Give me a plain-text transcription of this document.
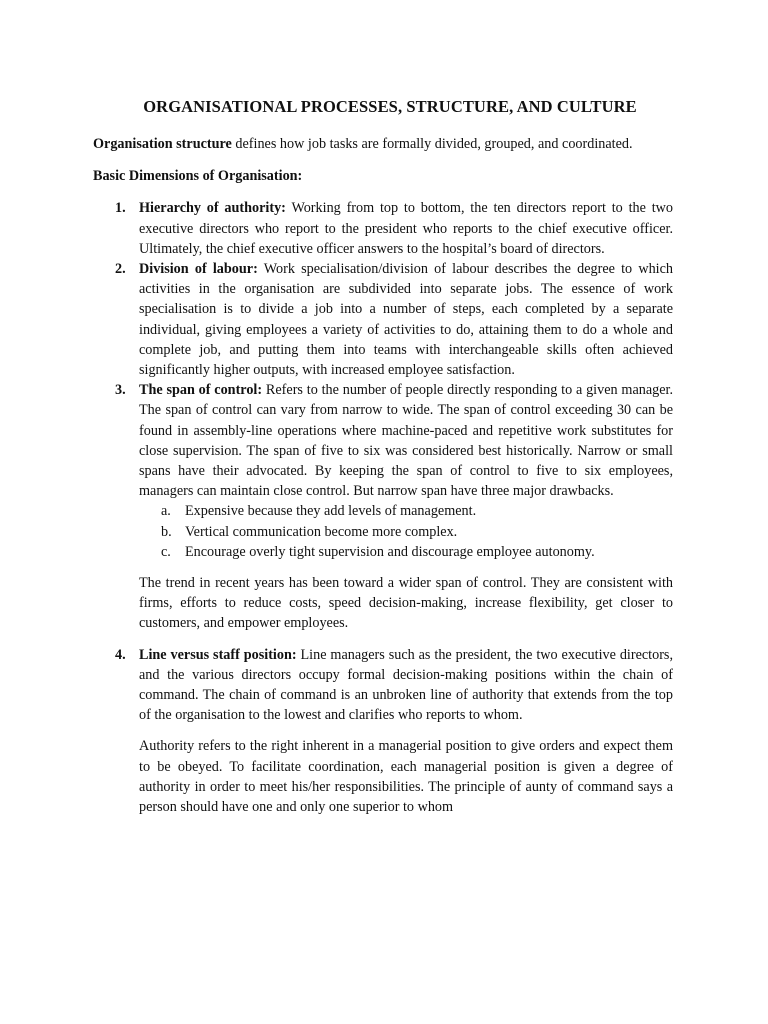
ORGANISATIONAL PROCESSES, STRUCTURE, AND CULTURE

Organisation structure defines how job tasks are formally divided, grouped, and coordinated.

Basic Dimensions of Organisation:

1. Hierarchy of authority: Working from top to bottom, the ten directors report to the two executive directors who report to the president who reports to the chief executive officer. Ultimately, the chief executive officer answers to the hospital’s board of directors.
2. Division of labour: Work specialisation/division of labour describes the degree to which activities in the organisation are subdivided into separate jobs. The essence of work specialisation is to divide a job into a number of steps, each completed by a separate individual, giving employees a variety of activities to do, attaining them to do a whole and complete job, and putting them into teams with interchangeable skills often achieved significantly higher outputs, with increased employee satisfaction.
3. The span of control: Refers to the number of people directly responding to a given manager. The span of control can vary from narrow to wide. The span of control exceeding 30 can be found in assembly-line operations where machine-paced and repetitive work substitutes for close supervision. The span of five to six was considered best historically. Narrow or small spans have their advocated. By keeping the span of control to five to six employees, managers can maintain close control. But narrow span have three major drawbacks.
a. Expensive because they add levels of management.
b. Vertical communication become more complex.
c. Encourage overly tight supervision and discourage employee autonomy.

The trend in recent years has been toward a wider span of control. They are consistent with firms, efforts to reduce costs, speed decision-making, increase flexibility, get closer to customers, and empower employees.

4. Line versus staff position: Line managers such as the president, the two executive directors, and the various directors occupy formal decision-making positions within the chain of command. The chain of command is an unbroken line of authority that extends from the top of the organisation to the lowest and clarifies who reports to whom.

Authority refers to the right inherent in a managerial position to give orders and expect them to be obeyed. To facilitate coordination, each managerial position is given a degree of authority in order to meet his/her responsibilities. The principle of aunty of command says a person should have one and only one superior to whom
